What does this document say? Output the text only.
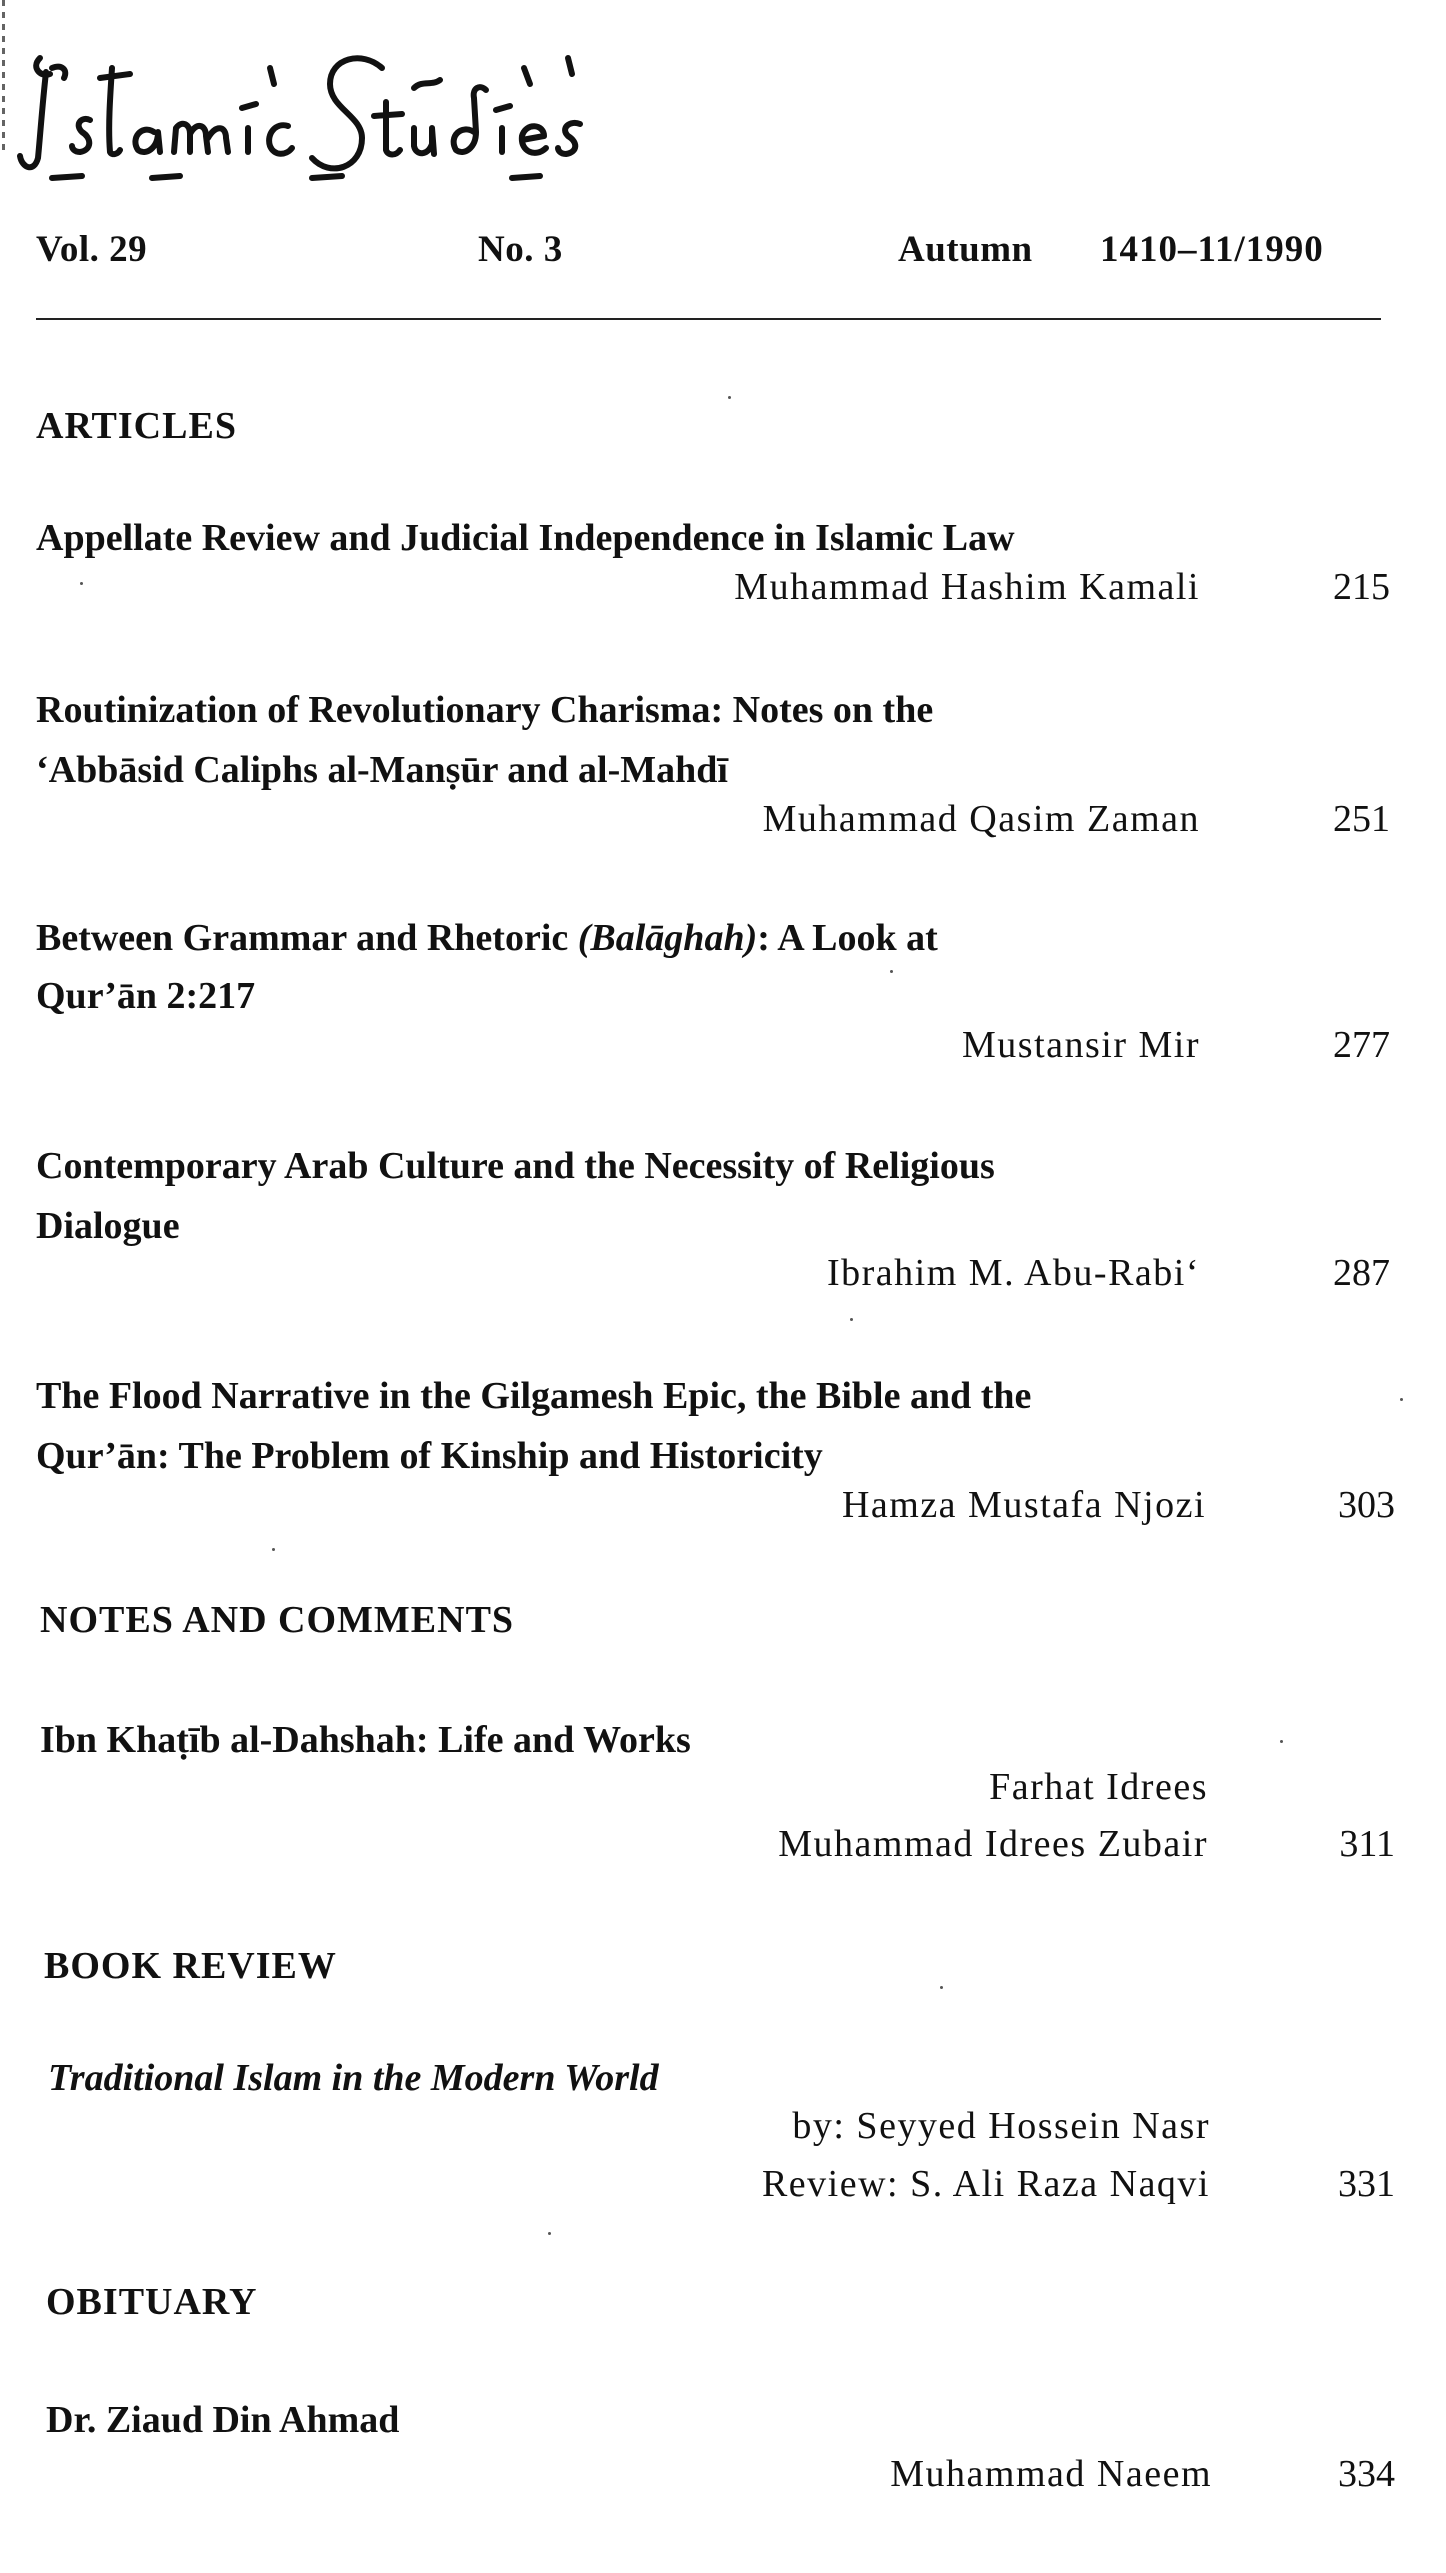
Vol. 29	No. 3	Autumn 1410–11/1990
ARTICLES
Appellate Review and Judicial Independence in Islamic Law
Muhammad Hashim Kamali	215
Routinization of Revolutionary Charisma: Notes on the
‘Abbāsid Caliphs al-Manṣūr and al-Mahdī
Muhammad Qasim Zaman	251
Between Grammar and Rhetoric (Balāghah): A Look at
Qur’ān 2:217
Mustansir Mir	277
Contemporary Arab Culture and the Necessity of Religious
Dialogue
Ibrahim M. Abu-Rabi‘	287
The Flood Narrative in the Gilgamesh Epic, the Bible and the
Qur’ān: The Problem of Kinship and Historicity
Hamza Mustafa Njozi	303
NOTES AND COMMENTS
Ibn Khaṭīb al-Dahshah: Life and Works
Farhat Idrees
Muhammad Idrees Zubair	311
BOOK REVIEW
Traditional Islam in the Modern World
by: Seyyed Hossein Nasr
Review: S. Ali Raza Naqvi	331
OBITUARY
Dr. Ziaud Din Ahmad
Muhammad Naeem	334
